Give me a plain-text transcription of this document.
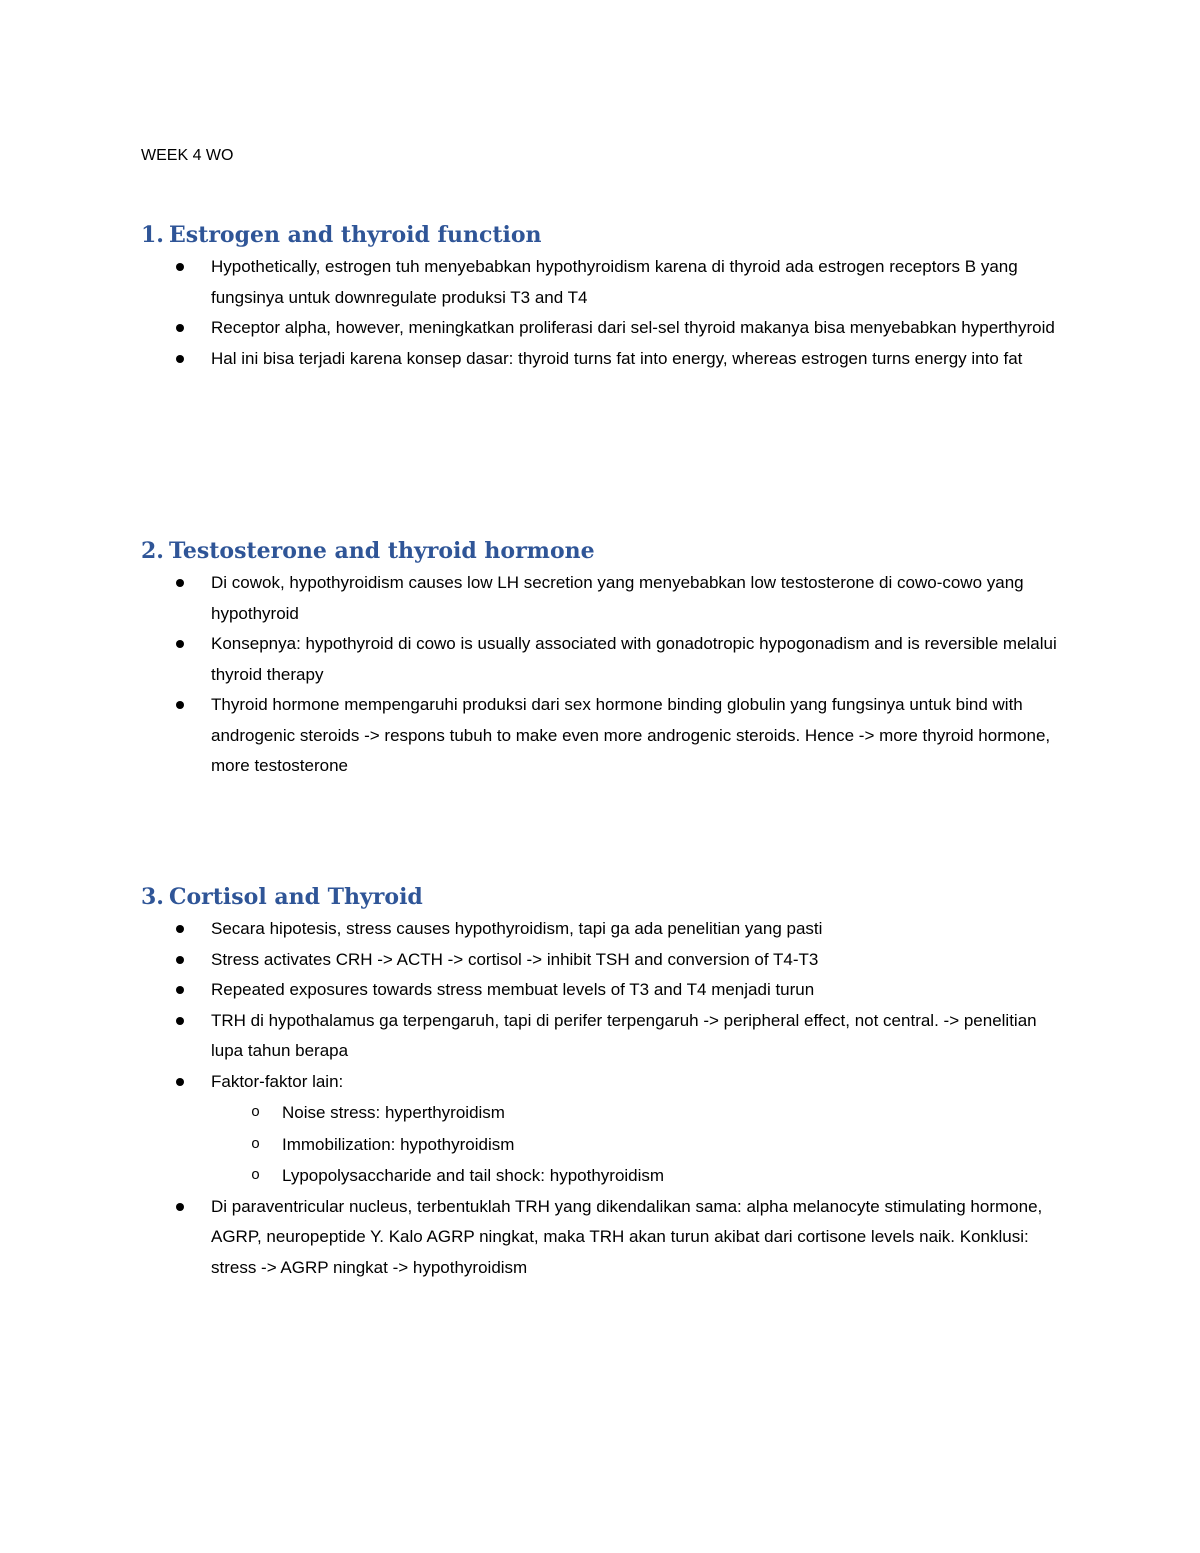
WEEK 4 WO

1. Estrogen and thyroid function
Hypothetically, estrogen tuh menyebabkan hypothyroidism karena di thyroid ada estrogen receptors B yang fungsinya untuk downregulate produksi T3 and T4
Receptor alpha, however, meningkatkan proliferasi dari sel-sel thyroid makanya bisa menyebabkan hyperthyroid
Hal ini bisa terjadi karena konsep dasar: thyroid turns fat into energy, whereas estrogen turns energy into fat
2. Testosterone and thyroid hormone
Di cowok, hypothyroidism causes low LH secretion yang menyebabkan low testosterone di cowo-cowo yang hypothyroid
Konsepnya: hypothyroid di cowo is usually associated with gonadotropic hypogonadism and is reversible melalui thyroid therapy
Thyroid hormone mempengaruhi produksi dari sex hormone binding globulin yang fungsinya untuk bind with androgenic steroids -> respons tubuh to make even more androgenic steroids. Hence -> more thyroid hormone, more testosterone
3. Cortisol and Thyroid
Secara hipotesis, stress causes hypothyroidism, tapi ga ada penelitian yang pasti
Stress activates CRH -> ACTH -> cortisol -> inhibit TSH and conversion of T4-T3
Repeated exposures towards stress membuat levels of T3 and T4 menjadi turun
TRH di hypothalamus ga terpengaruh, tapi di perifer terpengaruh -> peripheral effect, not central. -> penelitian lupa tahun berapa
Faktor-faktor lain:
o Noise stress: hyperthyroidism
o Immobilization: hypothyroidism
o Lypopolysaccharide and tail shock: hypothyroidism
Di paraventricular nucleus, terbentuklah TRH yang dikendalikan sama: alpha melanocyte stimulating hormone, AGRP, neuropeptide Y. Kalo AGRP ningkat, maka TRH akan turun akibat dari cortisone levels naik. Konklusi: stress -> AGRP ningkat -> hypothyroidism
